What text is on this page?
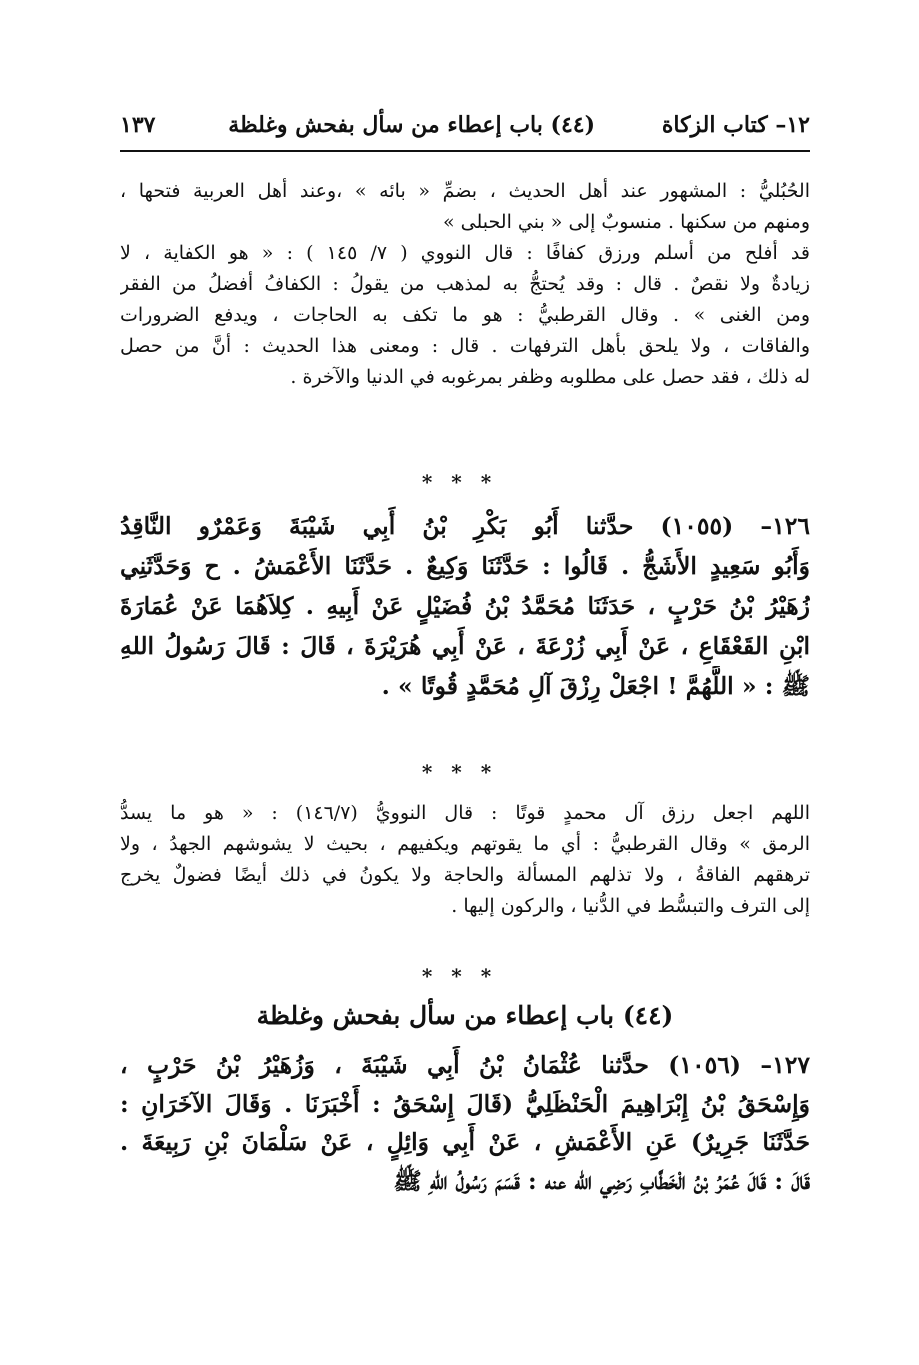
١٢– كتاب الزكاة
(٤٤) باب إعطاء من سأل بفحش وغلظة
١٣٧
الحُبُليُّ : المشهور عند أهل الحديث ، بضمِّ « بائه » ،وعند أهل العربية فتحها ،
ومنهم من سكنها . منسوبٌ إلى « بني الحبلى »
قد أفلح من أسلم ورزق كفافًا : قال النووي ( ٧/ ١٤٥ ) : « هو الكفاية ، لا
زيادةٌ ولا نقصٌ . قال : وقد يُحتجُّ به لمذهب من يقولُ : الكفافُ أفضلُ من الفقر
ومن الغنى » . وقال القرطبيُّ : هو ما تكف به الحاجات ، ويدفع الضرورات
والفاقات ، ولا يلحق بأهل الترفهات . قال : ومعنى هذا الحديث : أنَّ من حصل
له ذلك ، فقد حصل على مطلوبه وظفر بمرغوبه في الدنيا والآخرة .
* * *
١٢٦– (١٠٥٥) حدَّثنا أَبُو بَكْرِ بْنُ أَبِي شَيْبَةَ وَعَمْرٌو النَّاقِدُ
وَأَبُو سَعِيدٍ الأَشَجُّ . قَالُوا : حَدَّثَنَا وَكِيعٌ . حَدَّثَنَا الأَعْمَشُ . ح وَحَدَّثَنِي
زُهَيْرُ بْنُ حَرْبٍ ، حَدَثَنَا مُحَمَّدُ بْنُ فُضَيْلٍ عَنْ أَبِيهِ . كِلاَهُمَا عَنْ عُمَارَةَ
ابْنِ القَعْقَاعِ ، عَنْ أَبِي زُرْعَةَ ، عَنْ أَبِي هُرَيْرَةَ ، قَالَ : قَالَ رَسُولُ اللهِ
ﷺ : « اللَّهُمَّ ! اجْعَلْ رِزْقَ آلِ مُحَمَّدٍ قُوتًا » .
* * *
اللهم اجعل رزق آل محمدٍ قوتًا : قال النوويُّ (١٤٦/٧) : « هو ما يسدُّ
الرمق » وقال القرطبيُّ : أي ما يقوتهم ويكفيهم ، بحيث لا يشوشهم الجهدُ ، ولا
ترهقهم الفاقةُ ، ولا تذلهم المسألة والحاجة ولا يكونُ في ذلك أيضًا فضولٌ يخرج
إلى الترف والتبسُّط في الدُّنيا ، والركون إليها .
* * *
(٤٤) باب إعطاء من سأل بفحش وغلظة
١٢٧– (١٠٥٦) حدَّثنا عُثْمَانُ بْنُ أَبِي شَيْبَةَ ، وَزُهَيْرُ بْنُ حَرْبٍ ،
وَإِسْحَقُ بْنُ إِبْرَاهِيمَ الْحَنْظَلِيُّ (قَالَ إِسْحَقُ : أَخْبَرَنَا . وَقَالَ الآخَرَانِ :
حَدَّثَنَا جَرِيرٌ) عَنِ الأَعْمَشِ ، عَنْ أَبِي وَائِلٍ ، عَنْ سَلْمَانَ بْنِ رَبِيعَةَ .
قَالَ : قَالَ عُمَرُ بْنُ الْخَطَّابِ رَضِي الله عنه : قَسَمَ رَسُولُ اللهِ ﷺ
